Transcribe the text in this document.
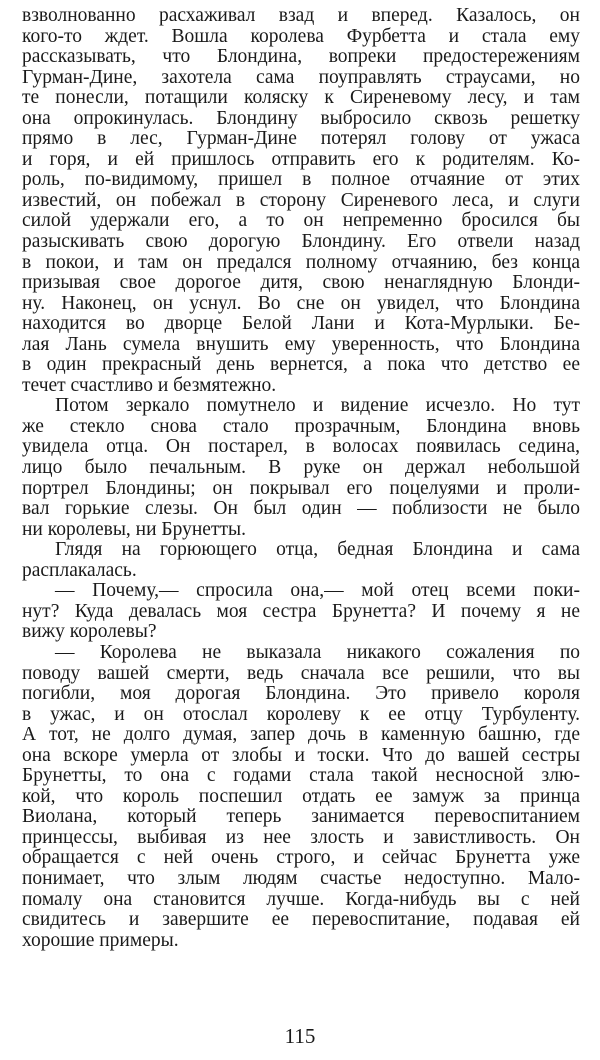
взволнованно расхаживал взад и вперед. Казалось, он
кого-то ждет. Вошла королева Фурбетта и стала ему
рассказывать, что Блондина, вопреки предостережениям
Гурман-Дине, захотела сама поуправлять страусами, но
те понесли, потащили коляску к Сиреневому лесу, и там
она опрокинулась. Блондину выбросило сквозь решетку
прямо в лес, Гурман-Дине потерял голову от ужаса
и горя, и ей пришлось отправить его к родителям. Ко-
роль, по-видимому, пришел в полное отчаяние от этих
известий, он побежал в сторону Сиреневого леса, и слуги
силой удержали его, а то он непременно бросился бы
разыскивать свою дорогую Блондину. Его отвели назад
в покои, и там он предался полному отчаянию, без конца
призывая свое дорогое дитя, свою ненаглядную Блонди-
ну. Наконец, он уснул. Во сне он увидел, что Блондина
находится во дворце Белой Лани и Кота-Мурлыки. Бе-
лая Лань сумела внушить ему уверенность, что Блондина
в один прекрасный день вернется, а пока что детство ее
течет счастливо и безмятежно.
Потом зеркало помутнело и видение исчезло. Но тут
же стекло снова стало прозрачным, Блондина вновь
увидела отца. Он постарел, в волосах появилась седина,
лицо было печальным. В руке он держал небольшой
портрел Блондины; он покрывал его поцелуями и проли-
вал горькие слезы. Он был один — поблизости не было
ни королевы, ни Брунетты.
Глядя на горюющего отца, бедная Блондина и сама
расплакалась.
— Почему,— спросила она,— мой отец всеми поки-
нут? Куда девалась моя сестра Брунетта? И почему я не
вижу королевы?
— Королева не выказала никакого сожаления по
поводу вашей смерти, ведь сначала все решили, что вы
погибли, моя дорогая Блондина. Это привело короля
в ужас, и он отослал королеву к ее отцу Турбуленту.
А тот, не долго думая, запер дочь в каменную башню, где
она вскоре умерла от злобы и тоски. Что до вашей сестры
Брунетты, то она с годами стала такой несносной злю-
кой, что король поспешил отдать ее замуж за принца
Виолана, который теперь занимается перевоспитанием
принцессы, выбивая из нее злость и завистливость. Он
обращается с ней очень строго, и сейчас Брунетта уже
понимает, что злым людям счастье недоступно. Мало-
помалу она становится лучше. Когда-нибудь вы с ней
свидитесь и завершите ее перевоспитание, подавая ей
хорошие примеры.
115
